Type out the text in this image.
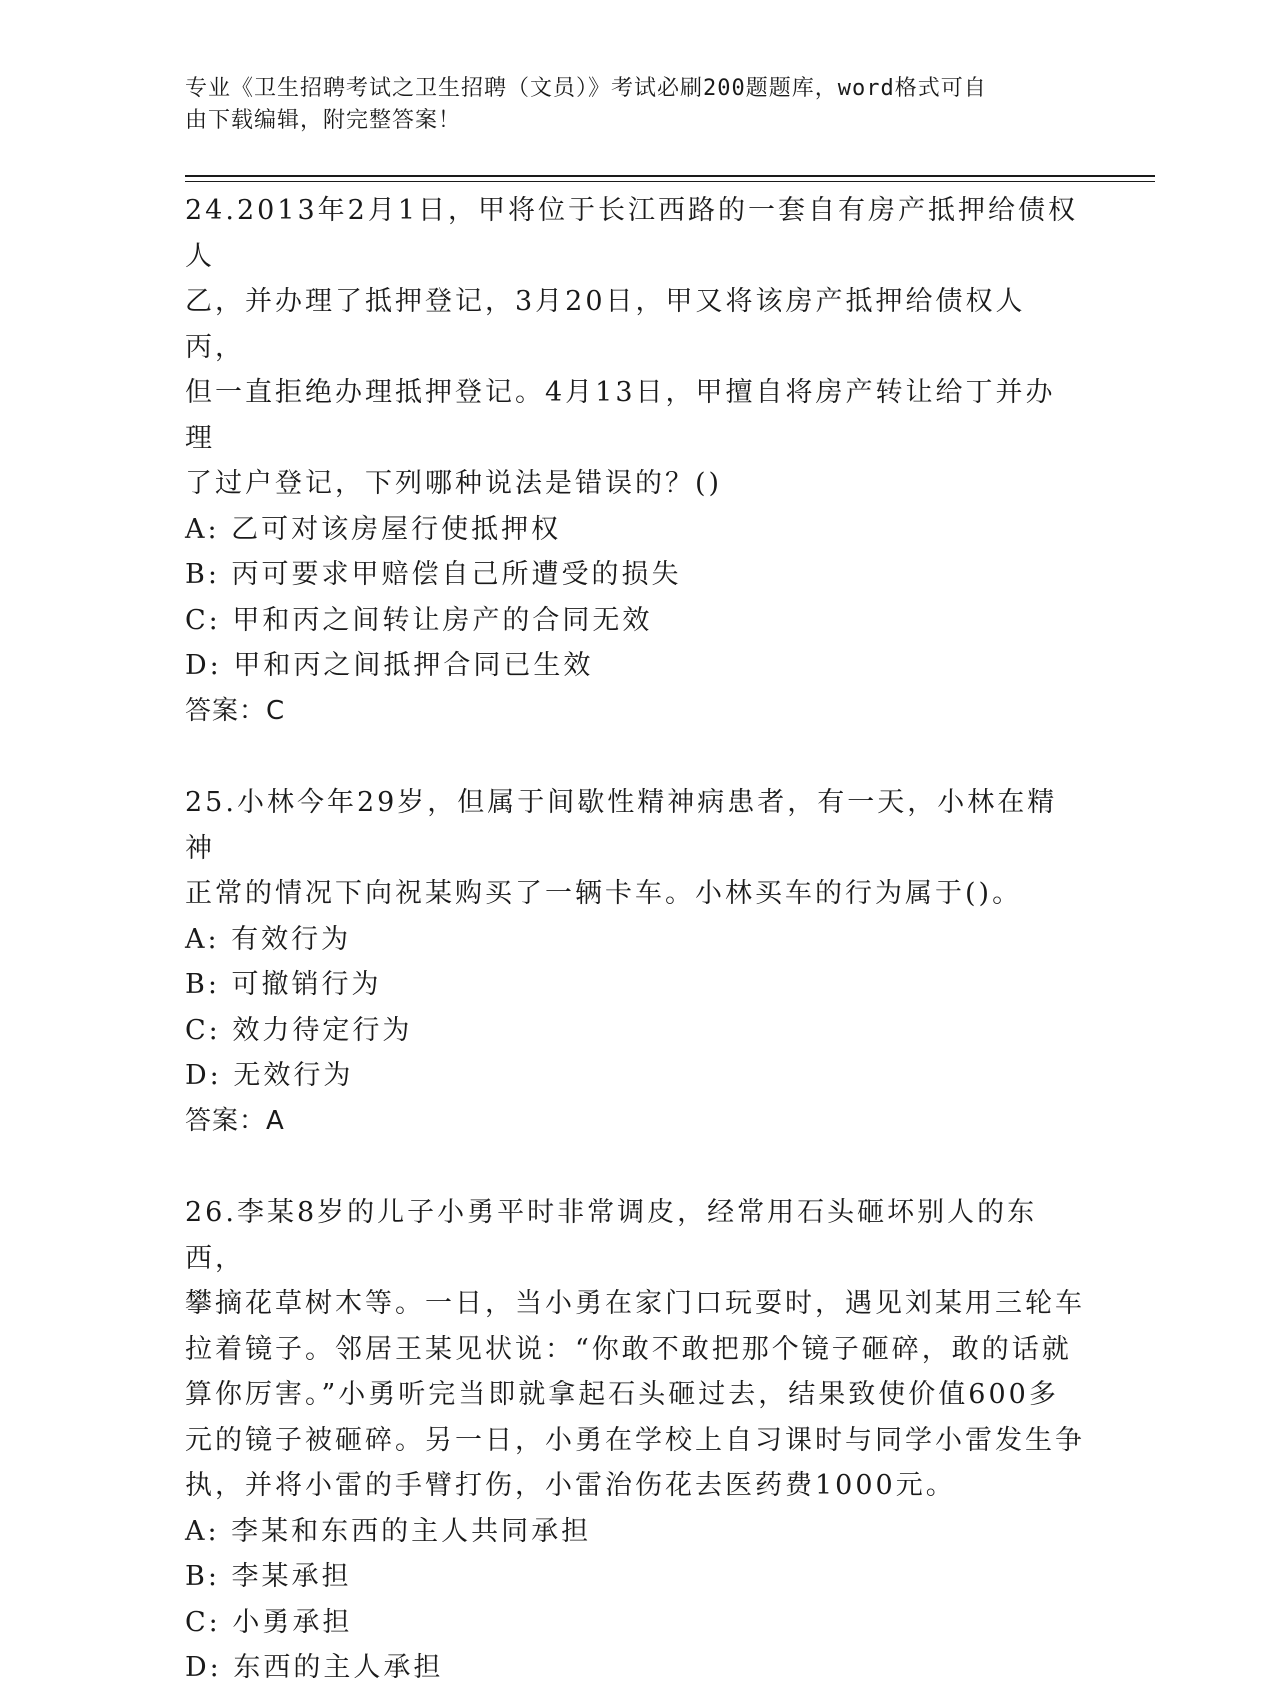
专业《卫生招聘考试之卫生招聘（文员）》考试必刷200题题库，word格式可自
由下载编辑，附完整答案！
24.2013年2月1日，甲将位于长江西路的一套自有房产抵押给债权人
乙，并办理了抵押登记，3月20日，甲又将该房产抵押给债权人丙，
但一直拒绝办理抵押登记。4月13日，甲擅自将房产转让给丁并办理
了过户登记，下列哪种说法是错误的？()
A: 乙可对该房屋行使抵押权
B: 丙可要求甲赔偿自己所遭受的损失
C: 甲和丙之间转让房产的合同无效
D: 甲和丙之间抵押合同已生效
答案：C
25.小林今年29岁，但属于间歇性精神病患者，有一天，小林在精神
正常的情况下向祝某购买了一辆卡车。小林买车的行为属于()。
A: 有效行为
B: 可撤销行为
C: 效力待定行为
D: 无效行为
答案：A
26.李某8岁的儿子小勇平时非常调皮，经常用石头砸坏别人的东西，
攀摘花草树木等。一日，当小勇在家门口玩耍时，遇见刘某用三轮车
拉着镜子。邻居王某见状说：“你敢不敢把那个镜子砸碎，敢的话就
算你厉害。”小勇听完当即就拿起石头砸过去，结果致使价值600多
元的镜子被砸碎。另一日，小勇在学校上自习课时与同学小雷发生争
执，并将小雷的手臂打伤，小雷治伤花去医药费1000元。
A: 李某和东西的主人共同承担
B: 李某承担
C: 小勇承担
D: 东西的主人承担
